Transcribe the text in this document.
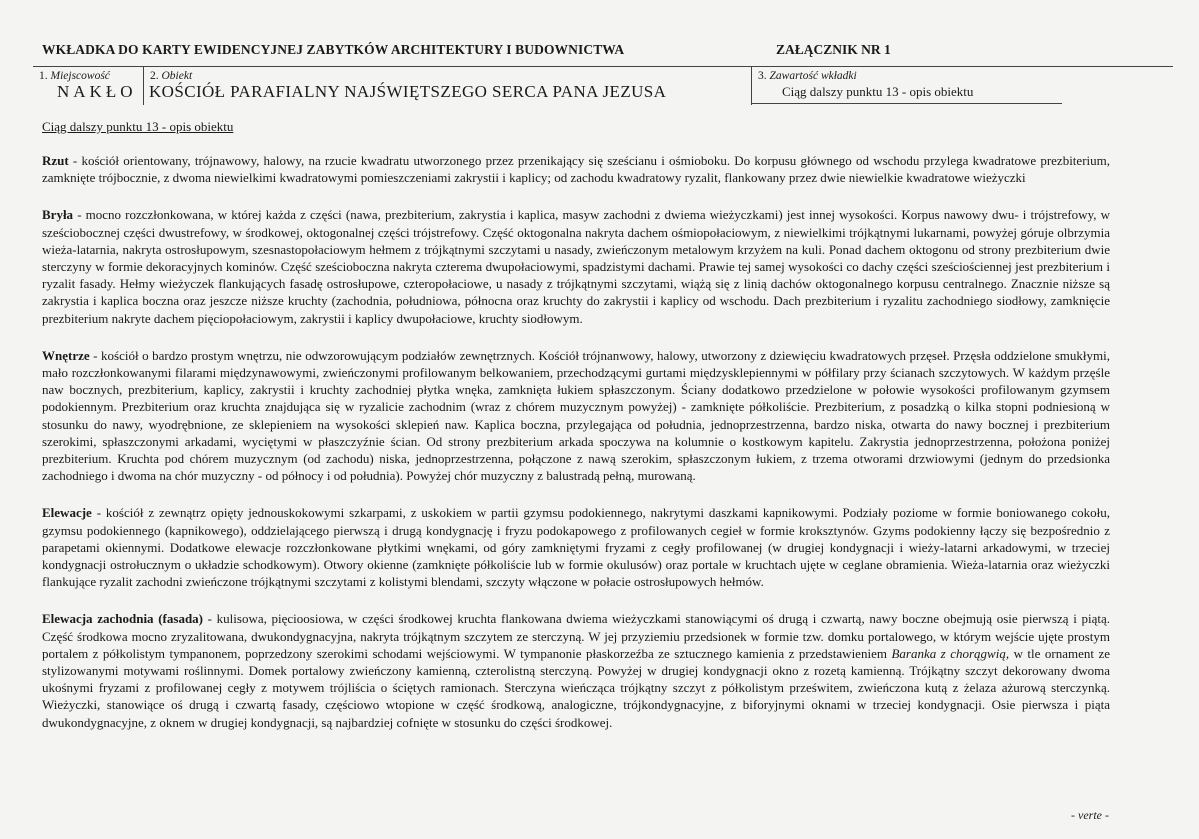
WKŁADKA DO KARTY EWIDENCYJNEJ ZABYTKÓW ARCHITEKTURY I BUDOWNICTWA	ZAŁĄCZNIK NR 1
1. Miejscowość
NAKŁO
2. Obiekt
KOŚCIÓŁ PARAFIALNY NAJŚWIĘTSZEGO SERCA PANA JEZUSA
3. Zawartość wkładki
Ciąg dalszy punktu 13 - opis obiektu
Ciąg dalszy punktu 13 - opis obiektu

Rzut - kościół orientowany, trójnawowy, halowy, na rzucie kwadratu utworzonego przez przenikający się sześcianu i ośmioboku. Do korpusu głównego od wschodu przylega kwadratowe prezbiterium, zamknięte trójbocznie, z dwoma niewielkimi kwadratowymi pomieszczeniami zakrystii i kaplicy; od zachodu kwadratowy ryzalit, flankowany przez dwie niewielkie kwadratowe wieżyczki

Bryła - mocno rozczłonkowana, w której każda z części (nawa, prezbiterium, zakrystia i kaplica, masyw zachodni z dwiema wieżyczkami) jest innej wysokości. Korpus nawowy dwu- i trójstrefowy, w sześciobocznej części dwustrefowy, w środkowej, oktogonalnej części trójstrefowy. Część oktogonalna nakryta dachem ośmiopołaciowym, z niewielkimi trójkątnymi lukarnami, powyżej góruje olbrzymia wieża-latarnia, nakryta ostrosłupowym, szesnastopołaciowym hełmem z trójkątnymi szczytami u nasady, zwieńczonym metalowym krzyżem na kuli. Ponad dachem oktogonu od strony prezbiterium dwie sterczyny w formie dekoracyjnych kominów. Część sześcioboczna nakryta czterema dwupołaciowymi, spadzistymi dachami. Prawie tej samej wysokości co dachy części sześciościennej jest prezbiterium i ryzalit fasady. Hełmy wieżyczek flankujących fasadę ostrosłupowe, czteropołaciowe, u nasady z trójkątnymi szczytami, wiążą się z linią dachów oktogonalnego korpusu centralnego. Znacznie niższe są zakrystia i kaplica boczna oraz jeszcze niższe kruchty (zachodnia, południowa, północna oraz kruchty do zakrystii i kaplicy od wschodu. Dach prezbiterium i ryzalitu zachodniego siodłowy, zamknięcie prezbiterium nakryte dachem pięciopołaciowym, zakrystii i kaplicy dwupołaciowe, kruchty siodłowym.

Wnętrze - kościół o bardzo prostym wnętrzu, nie odwzorowującym podziałów zewnętrznych. Kościół trójnanwowy, halowy, utworzony z dziewięciu kwadratowych przęseł. Przęsła oddzielone smukłymi, mało rozczłonkowanymi filarami międzynawowymi, zwieńczonymi profilowanym belkowaniem, przechodzącymi gurtami międzysklepiennymi w półfilary przy ścianach szczytowych. W każdym przęśle naw bocznych, prezbiterium, kaplicy, zakrystii i kruchty zachodniej płytka wnęka, zamknięta łukiem spłaszczonym. Ściany dodatkowo przedzielone w połowie wysokości profilowanym gzymsem podokiennym. Prezbiterium oraz kruchta znajdująca się w ryzalicie zachodnim (wraz z chórem muzycznym powyżej) - zamknięte półkoliście. Prezbiterium, z posadzką o kilka stopni podniesioną w stosunku do nawy, wyodrębnione, ze sklepieniem na wysokości sklepień naw. Kaplica boczna, przylegająca od południa, jednoprzestrzenna, bardzo niska, otwarta do nawy bocznej i prezbiterium szerokimi, spłaszczonymi arkadami, wyciętymi w płaszczyźnie ścian. Od strony prezbiterium arkada spoczywa na kolumnie o kostkowym kapitelu. Zakrystia jednoprzestrzenna, położona poniżej prezbiterium. Kruchta pod chórem muzycznym (od zachodu) niska, jednoprzestrzenna, połączone z nawą szerokim, spłaszczonym łukiem, z trzema otworami drzwiowymi (jednym do przedsionka zachodniego i dwoma na chór muzyczny - od północy i od południa). Powyżej chór muzyczny z balustradą pełną, murowaną.

Elewacje - kościół z zewnątrz opięty jednouskokowymi szkarpami, z uskokiem w partii gzymsu podokiennego, nakrytymi daszkami kapnikowymi. Podziały poziome w formie boniowanego cokołu, gzymsu podokiennego (kapnikowego), oddzielającego pierwszą i drugą kondygnację i fryzu podokapowego z profilowanych cegieł w formie kroksztynów. Gzyms podokienny łączy się bezpośrednio z parapetami okiennymi. Dodatkowe elewacje rozczłonkowane płytkimi wnękami, od góry zamkniętymi fryzami z cegły profilowanej (w drugiej kondygnacji i wieży-latarni arkadowymi, w trzeciej kondygnacji ostrołucznym o układzie schodkowym). Otwory okienne (zamknięte półkoliście lub w formie okulusów) oraz portale w kruchtach ujęte w ceglane obramienia. Wieża-latarnia oraz wieżyczki flankujące ryzalit zachodni zwieńczone trójkątnymi szczytami z kolistymi blendami, szczyty włączone w połacie ostrosłupowych hełmów.

Elewacja zachodnia (fasada) - kulisowa, pięcioosiowa, w części środkowej kruchta flankowana dwiema wieżyczkami stanowiącymi oś drugą i czwartą, nawy boczne obejmują osie pierwszą i piątą. Część środkowa mocno zryzalitowana, dwukondygnacyjna, nakryta trójkątnym szczytem ze sterczyną. W jej przyziemiu przedsionek w formie tzw. domku portalowego, w którym wejście ujęte prostym portalem z półkolistym tympanonem, poprzedzony szerokimi schodami wejściowymi. W tympanonie płaskorzeźba ze sztucznego kamienia z przedstawieniem Baranka z chorągwią, w tle ornament ze stylizowanymi motywami roślinnymi. Domek portalowy zwieńczony kamienną, czterolistną sterczyną. Powyżej w drugiej kondygnacji okno z rozetą kamienną. Trójkątny szczyt dekorowany dwoma ukośnymi fryzami z profilowanej cegły z motywem trójliścia o ściętych ramionach. Sterczyna wieńcząca trójkątny szczyt z półkolistym prześwitem, zwieńczona kutą z żelaza ażurową sterczynką. Wieżyczki, stanowiące oś drugą i czwartą fasady, częściowo wtopione w część środkową, analogiczne, trójkondygnacyjne, z biforyjnymi oknami w trzeciej kondygnacji. Osie pierwsza i piąta dwukondygnacyjne, z oknem w drugiej kondygnacji, są najbardziej cofnięte w stosunku do części środkowej.

- verte -
